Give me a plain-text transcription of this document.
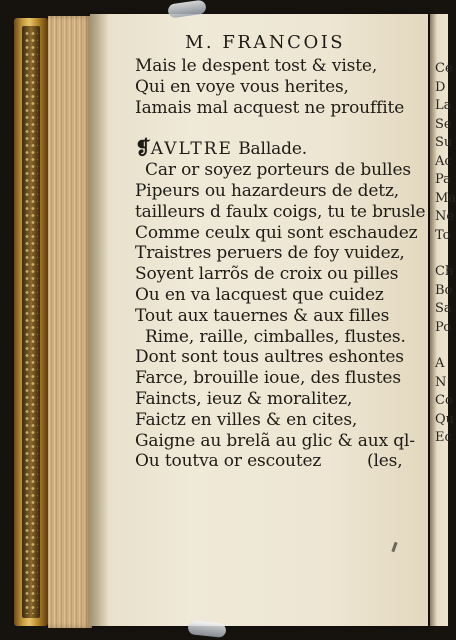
Ce
D
La
Se
Su
Ac
Pa
Ma
Ne
To
Ch
Bo
Sa
Po
A
N
Co
Qu
Ec
M. FRANCOIS
Mais le despent tost & viste,
Qui en voye vous herites,
Iamais mal acquest ne prouffite
❡AVLTRE Ballade.
Car or soyez porteurs de bulles
Pipeurs ou hazardeurs de detz,
tailleurs d faulx coigs, tu te brusle
Comme ceulx qui sont eschaudez
Traistres peruers de foy vuidez,
Soyent larrõs de croix ou pilles
Ou en va lacquest que cuidez
Tout aux tauernes & aux filles
Rime, raille, cimballes, flustes.
Dont sont tous aultres eshontes
Farce, brouille ioue, des flustes
Faincts, ieuz & moralitez,
Faictz en villes & en cites,
Gaigne au brelã au glic & aux ql-
Ou toutva or escoutez	(les,
